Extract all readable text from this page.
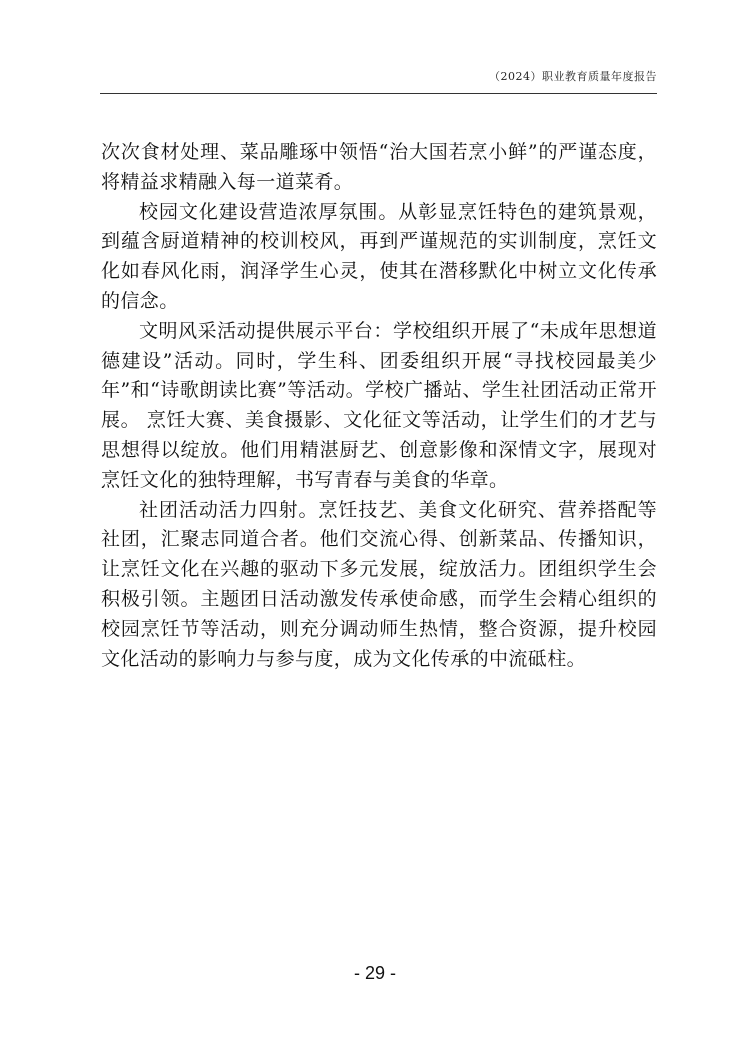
（2024）职业教育质量年度报告

次次食材处理、菜品雕琢中领悟“治大国若烹小鲜”的严谨态度，将精益求精融入每一道菜肴。

校园文化建设营造浓厚氛围。从彰显烹饪特色的建筑景观，到蕴含厨道精神的校训校风，再到严谨规范的实训制度，烹饪文化如春风化雨，润泽学生心灵，使其在潜移默化中树立文化传承的信念。

文明风采活动提供展示平台：学校组织开展了“未成年思想道德建设”活动。同时，学生科、团委组织开展“寻找校园最美少年”和“诗歌朗读比赛”等活动。学校广播站、学生社团活动正常开展。 烹饪大赛、美食摄影、文化征文等活动，让学生们的才艺与思想得以绽放。他们用精湛厨艺、创意影像和深情文字，展现对烹饪文化的独特理解，书写青春与美食的华章。

社团活动活力四射。烹饪技艺、美食文化研究、营养搭配等社团，汇聚志同道合者。他们交流心得、创新菜品、传播知识，让烹饪文化在兴趣的驱动下多元发展，绽放活力。团组织学生会积极引领。主题团日活动激发传承使命感，而学生会精心组织的校园烹饪节等活动，则充分调动师生热情，整合资源，提升校园文化活动的影响力与参与度，成为文化传承的中流砥柱。

- 29 -
